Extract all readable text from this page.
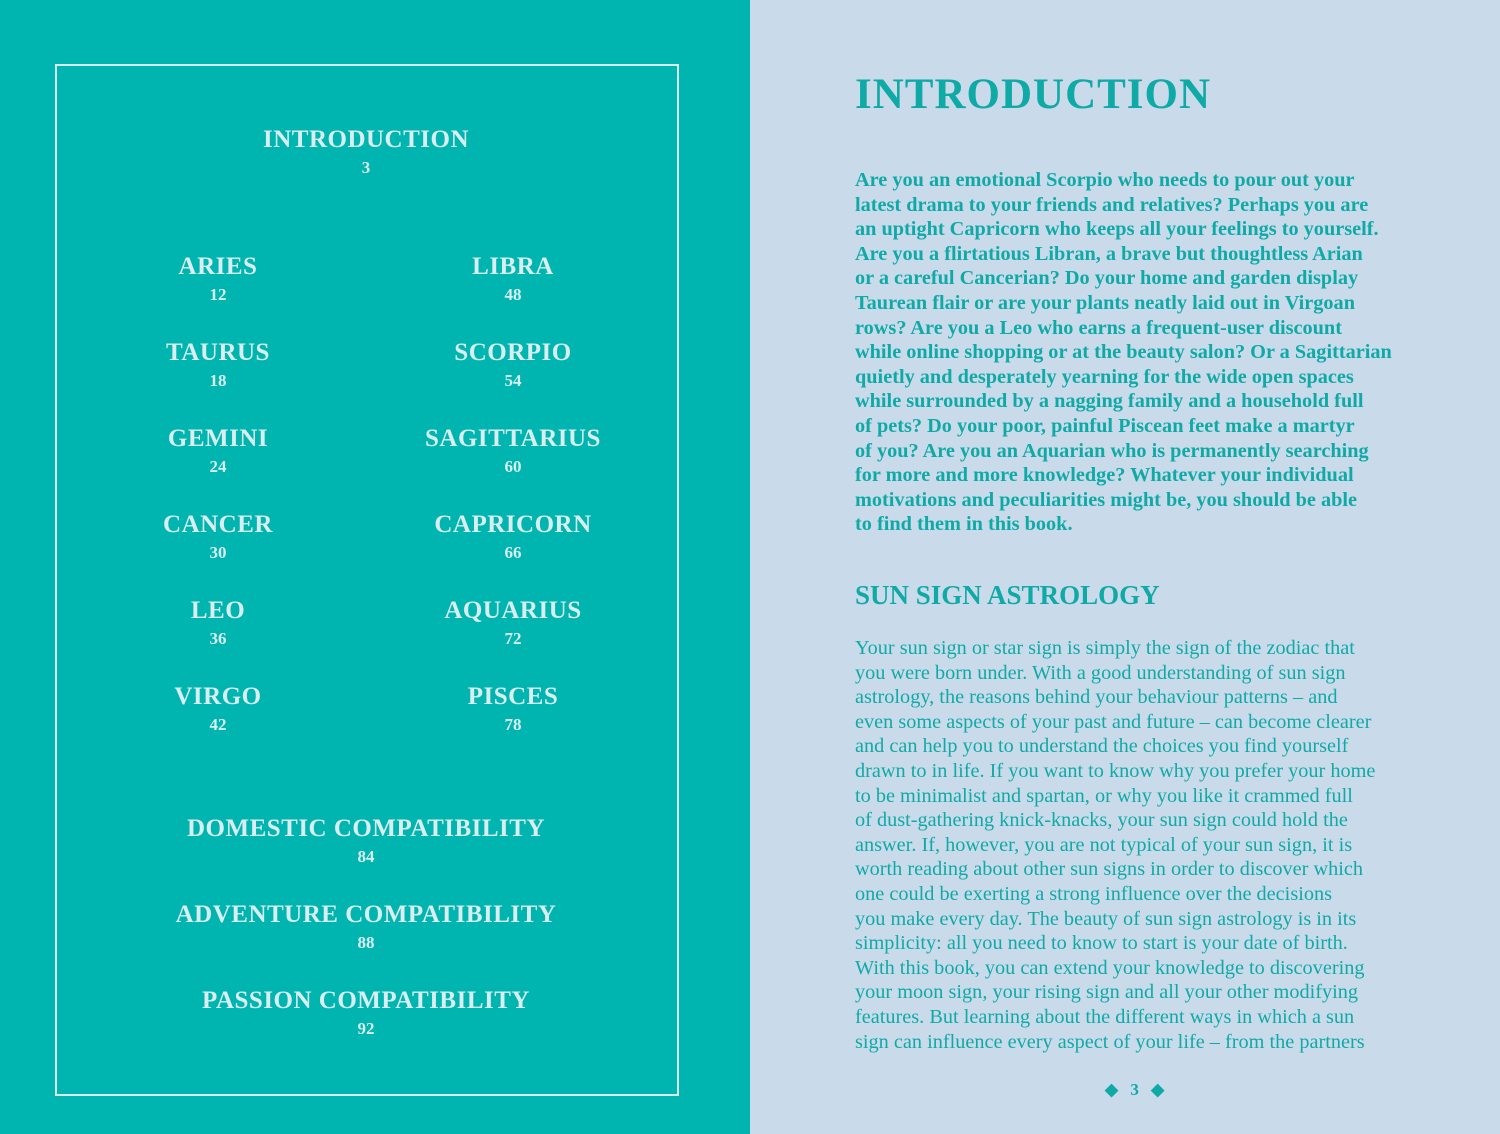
INTRODUCTION
3
ARIES
12
TAURUS
18
GEMINI
24
CANCER
30
LEO
36
VIRGO
42
LIBRA
48
SCORPIO
54
SAGITTARIUS
60
CAPRICORN
66
AQUARIUS
72
PISCES
78
DOMESTIC COMPATIBILITY
84
ADVENTURE COMPATIBILITY
88
PASSION COMPATIBILITY
92
INTRODUCTION
Are you an emotional Scorpio who needs to pour out your
latest drama to your friends and relatives? Perhaps you are
an uptight Capricorn who keeps all your feelings to yourself.
Are you a flirtatious Libran, a brave but thoughtless Arian
or a careful Cancerian? Do your home and garden display
Taurean flair or are your plants neatly laid out in Virgoan
rows? Are you a Leo who earns a frequent-user discount
while online shopping or at the beauty salon? Or a Sagittarian
quietly and desperately yearning for the wide open spaces
while surrounded by a nagging family and a household full
of pets? Do your poor, painful Piscean feet make a martyr
of you? Are you an Aquarian who is permanently searching
for more and more knowledge? Whatever your individual
motivations and peculiarities might be, you should be able
to find them in this book.
SUN SIGN ASTROLOGY
Your sun sign or star sign is simply the sign of the zodiac that
you were born under. With a good understanding of sun sign
astrology, the reasons behind your behaviour patterns – and
even some aspects of your past and future – can become clearer
and can help you to understand the choices you find yourself
drawn to in life. If you want to know why you prefer your home
to be minimalist and spartan, or why you like it crammed full
of dust-gathering knick-knacks, your sun sign could hold the
answer. If, however, you are not typical of your sun sign, it is
worth reading about other sun signs in order to discover which
one could be exerting a strong influence over the decisions
you make every day. The beauty of sun sign astrology is in its
simplicity: all you need to know to start is your date of birth.
With this book, you can extend your knowledge to discovering
your moon sign, your rising sign and all your other modifying
features. But learning about the different ways in which a sun
sign can influence every aspect of your life – from the partners
◆ 3 ◆
